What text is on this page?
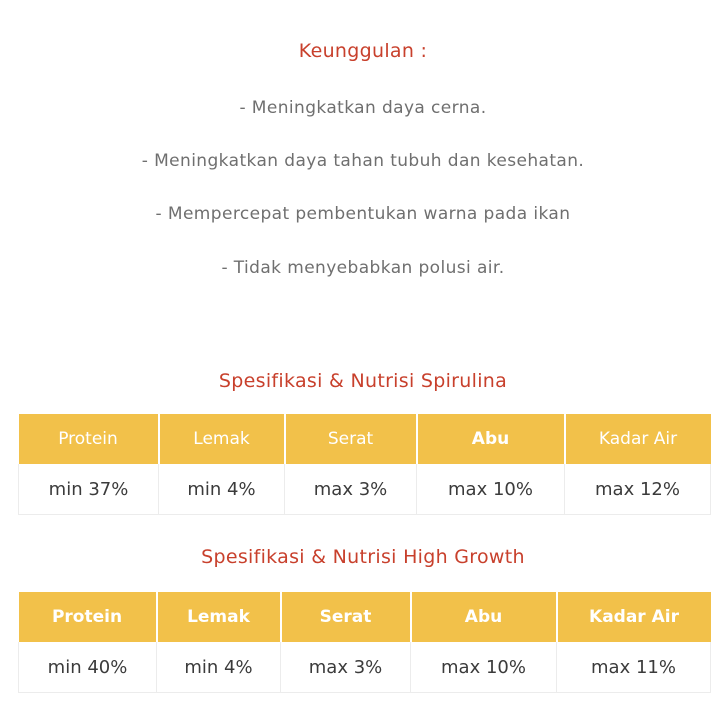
Keunggulan :
- Meningkatkan daya cerna.
- Meningkatkan daya tahan tubuh dan kesehatan.
- Mempercepat pembentukan warna pada ikan
- Tidak menyebabkan polusi air.
Spesifikasi & Nutrisi Spirulina
Protein	Lemak	Serat	Abu	Kadar Air
min 37%	min 4%	max 3%	max 10%	max 12%
Spesifikasi & Nutrisi High Growth
Protein	Lemak	Serat	Abu	Kadar Air
min 40%	min 4%	max 3%	max 10%	max 11%
